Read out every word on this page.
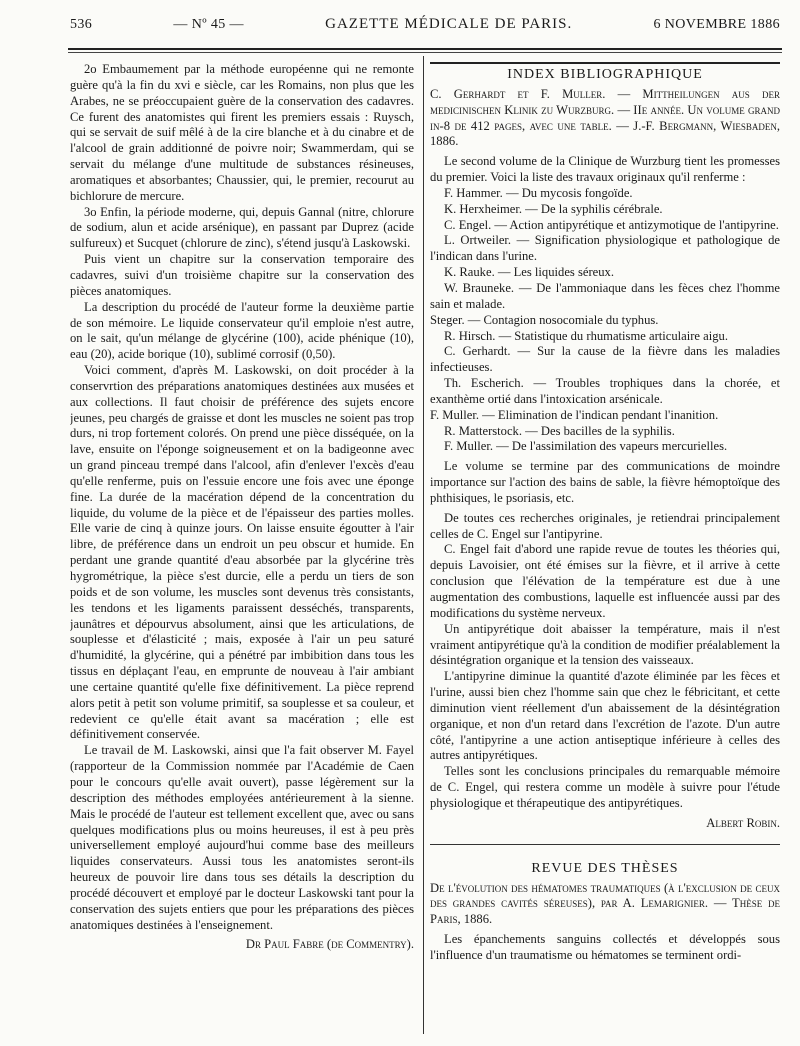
536	— Nº 45 —	GAZETTE MÉDICALE DE PARIS.	6 NOVEMBRE 1886

2o Embaumement par la méthode européenne qui ne remonte guère qu'à la fin du xvi e siècle, car les Romains, non plus que les Arabes, ne se préoccupaient guère de la conservation des cadavres. Ce furent des anatomistes qui firent les premiers essais : Ruysch, qui se servait de suif mêlé à de la cire blanche et à du cinabre et de l'alcool de grain additionné de poivre noir; Swammerdam, qui se servait du mélange d'une multitude de substances résineuses, aromatiques et absorbantes; Chaussier, qui, le premier, recourut au bichlorure de mercure.

3o Enfin, la période moderne, qui, depuis Gannal (nitre, chlorure de sodium, alun et acide arsénique), en passant par Duprez (acide sulfureux) et Sucquet (chlorure de zinc), s'étend jusqu'à Laskowski.

Puis vient un chapitre sur la conservation temporaire des cadavres, suivi d'un troisième chapitre sur la conservation des pièces anatomiques.

La description du procédé de l'auteur forme la deuxième partie de son mémoire. Le liquide conservateur qu'il emploie n'est autre, on le sait, qu'un mélange de glycérine (100), acide phénique (10), eau (20), acide borique (10), sublimé corrosif (0,50).

Voici comment, d'après M. Laskowski, on doit procéder à la conservrtion des préparations anatomiques destinées aux musées et aux collections. Il faut choisir de préférence des sujets encore jeunes, peu chargés de graisse et dont les muscles ne soient pas trop durs, ni trop fortement colorés. On prend une pièce disséquée, on la lave, ensuite on l'éponge soigneusement et on la badigeonne avec un grand pinceau trempé dans l'alcool, afin d'enlever l'excès d'eau qu'elle renferme, puis on l'essuie encore une fois avec une éponge fine. La durée de la macération dépend de la concentration du liquide, du volume de la pièce et de l'épaisseur des parties molles. Elle varie de cinq à quinze jours. On laisse ensuite égoutter à l'air libre, de préférence dans un endroit un peu obscur et humide. En perdant une grande quantité d'eau absorbée par la glycérine très hygrométrique, la pièce s'est durcie, elle a perdu un tiers de son poids et de son volume, les muscles sont devenus très consistants, les tendons et les ligaments paraissent desséchés, transparents, jaunâtres et dépourvus absolument, ainsi que les articulations, de souplesse et d'élasticité ; mais, exposée à l'air un peu saturé d'humidité, la glycérine, qui a pénétré par imbibition dans tous les tissus en déplaçant l'eau, en emprunte de nouveau à l'air ambiant une certaine quantité qu'elle fixe définitivement. La pièce reprend alors petit à petit son volume primitif, sa souplesse et sa couleur, et redevient ce qu'elle était avant sa macération ; elle est définitivement conservée.

Le travail de M. Laskowski, ainsi que l'a fait observer M. Fayel (rapporteur de la Commission nommée par l'Académie de Caen pour le concours qu'elle avait ouvert), passe légèrement sur la description des méthodes employées antérieurement à la sienne. Mais le procédé de l'auteur est tellement excellent que, avec ou sans quelques modifications plus ou moins heureuses, il est à peu près universellement employé aujourd'hui comme base des meilleurs liquides conservateurs. Aussi tous les anatomistes seront-ils heureux de pouvoir lire dans tous ses détails la description du procédé découvert et employé par le docteur Laskowski tant pour la conservation des sujets entiers que pour les préparations des pièces anatomiques destinées à l'enseignement.

Dr Paul Fabre (de Commentry).

INDEX BIBLIOGRAPHIQUE

C. Gerhardt et F. Muller. — Mittheilungen aus der medicinischen Klinik zu Wurzburg. — IIe année. Un volume grand in-8 de 412 pages, avec une table. — J.-F. Bergmann, Wiesbaden, 1886.

Le second volume de la Clinique de Wurzburg tient les promesses du premier. Voici la liste des travaux originaux qu'il renferme :

F. Hammer. — Du mycosis fongoïde.

K. Herxheimer. — De la syphilis cérébrale.

C. Engel. — Action antipyrétique et antizymotique de l'antipyrine.

L. Ortweiler. — Signification physiologique et pathologique de l'indican dans l'urine.

K. Rauke. — Les liquides séreux.

W. Brauneke. — De l'ammoniaque dans les fèces chez l'homme sain et malade.

Steger. — Contagion nosocomiale du typhus.

R. Hirsch. — Statistique du rhumatisme articulaire aigu.

C. Gerhardt. — Sur la cause de la fièvre dans les maladies infectieuses.

Th. Escherich. — Troubles trophiques dans la chorée, et exanthème ortié dans l'intoxication arsénicale.

F. Muller. — Elimination de l'indican pendant l'inanition.

R. Matterstock. — Des bacilles de la syphilis.

F. Muller. — De l'assimilation des vapeurs mercurielles.

Le volume se termine par des communications de moindre importance sur l'action des bains de sable, la fièvre hémoptoïque des phthisiques, le psoriasis, etc.

De toutes ces recherches originales, je retiendrai principalement celles de C. Engel sur l'antipyrine.

C. Engel fait d'abord une rapide revue de toutes les théories qui, depuis Lavoisier, ont été émises sur la fièvre, et il arrive à cette conclusion que l'élévation de la température est due à une augmentation des combustions, laquelle est influencée aussi par des modifications du système nerveux.

Un antipyrétique doit abaisser la température, mais il n'est vraiment antipyrétique qu'à la condition de modifier préalablement la désintégration organique et la tension des vaisseaux.

L'antipyrine diminue la quantité d'azote éliminée par les fèces et l'urine, aussi bien chez l'homme sain que chez le fébricitant, et cette diminution vient réellement d'un abaissement de la désintégration organique, et non d'un retard dans l'excrétion de l'azote. D'un autre côté, l'antipyrine a une action antiseptique inférieure à celles des autres antipyrétiques.

Telles sont les conclusions principales du remarquable mémoire de C. Engel, qui restera comme un modèle à suivre pour l'étude physiologique et thérapeutique des antipyrétiques.

Albert Robin.

REVUE DES THÈSES

De l'évolution des hématomes traumatiques (à l'exclusion de ceux des grandes cavités séreuses), par A. Lemarignier. — Thèse de Paris, 1886.

Les épanchements sanguins collectés et développés sous l'influence d'un traumatisme ou hématomes se terminent ordi-
